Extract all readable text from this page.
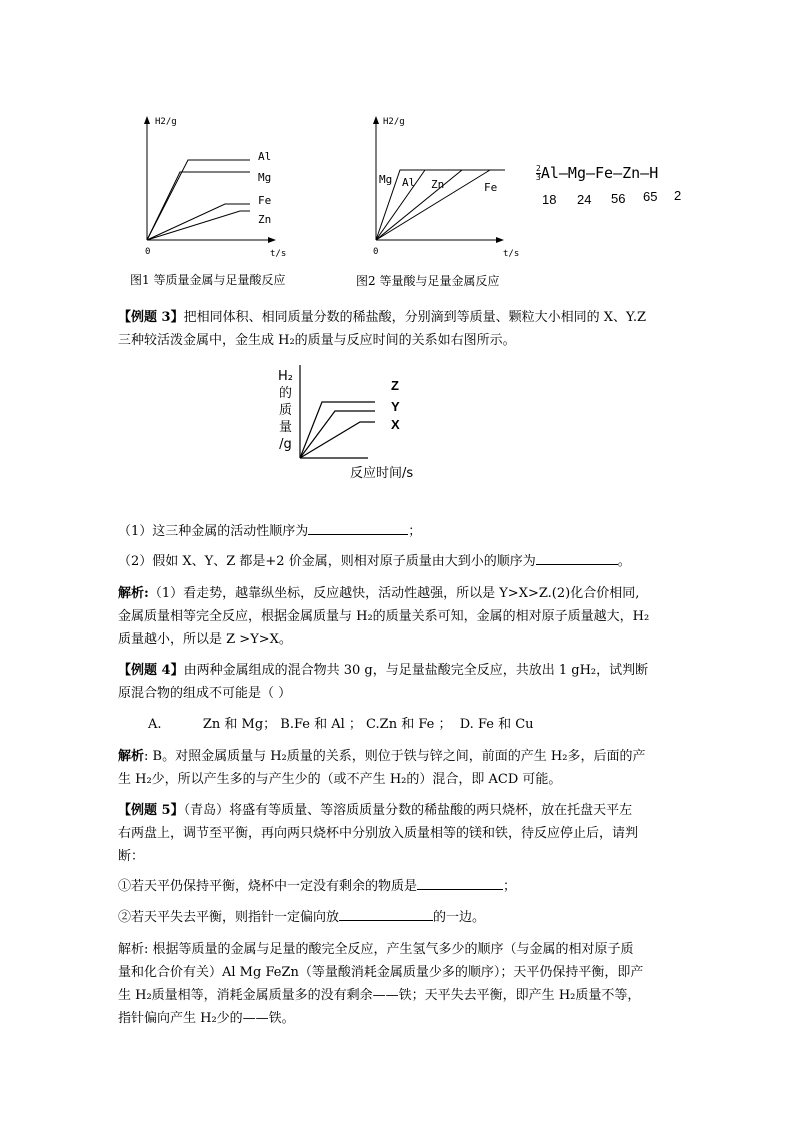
H2/g
Al
Mg
Fe
Zn
0	t/s
图1 等质量金属与足量酸反应
H2/g
Mg Al Zn	Fe
0	t/s
图2 等量酸与足量金属反应
$\frac{2}{3}$ Al—Mg—Fe—Zn—H
18 24 56 65 2
【例题 3】把相同体积、相同质量分数的稀盐酸，分别滴到等质量、颗粒大小相同的 X、Y.Z
三种较活泼金属中，金生成 H₂的质量与反应时间的关系如右图所示。
H₂
的
质
量
/g
Z
Y
X
反应时间/s
（1）这三种金属的活动性顺序为	；
（2）假如 X、Y、Z 都是+2 价金属，则相对原子质量由大到小的顺序为	。
解析:（1）看走势，越靠纵坐标，反应越快，活动性越强，所以是 Y>X>Z.(2)化合价相同,
金属质量相等完全反应，根据金属质量与 H₂的质量关系可知，金属的相对原子质量越大，H₂
质量越小，所以是 Z >Y>X。
【例题 4】由两种金属组成的混合物共 30 g，与足量盐酸完全反应，共放出 1 gH₂，试判断
原混合物的组成不可能是（ ）
A.          Zn 和 Mg； B.Fe 和 Al ； C.Zn 和 Fe ；  D. Fe 和 Cu
解析: B。对照金属质量与 H₂质量的关系，则位于铁与锌之间，前面的产生 H₂多，后面的产
生 H₂少，所以产生多的与产生少的（或不产生 H₂的）混合，即 ACD 可能。
【例题 5】（青岛）将盛有等质量、等溶质质量分数的稀盐酸的两只烧杯，放在托盘天平左
右两盘上，调节至平衡，再向两只烧杯中分别放入质量相等的镁和铁，待反应停止后，请判
断：
①若天平仍保持平衡，烧杯中一定没有剩余的物质是	；
②若天平失去平衡，则指针一定偏向放	的一边。
解析: 根据等质量的金属与足量的酸完全反应，产生氢气多少的顺序（与金属的相对原子质
量和化合价有关）Al Mg FeZn（等量酸消耗金属质量少多的顺序）；天平仍保持平衡，即产
生 H₂质量相等，消耗金属质量多的没有剩余——铁；天平失去平衡，即产生 H₂质量不等，
指针偏向产生 H₂少的——铁。
